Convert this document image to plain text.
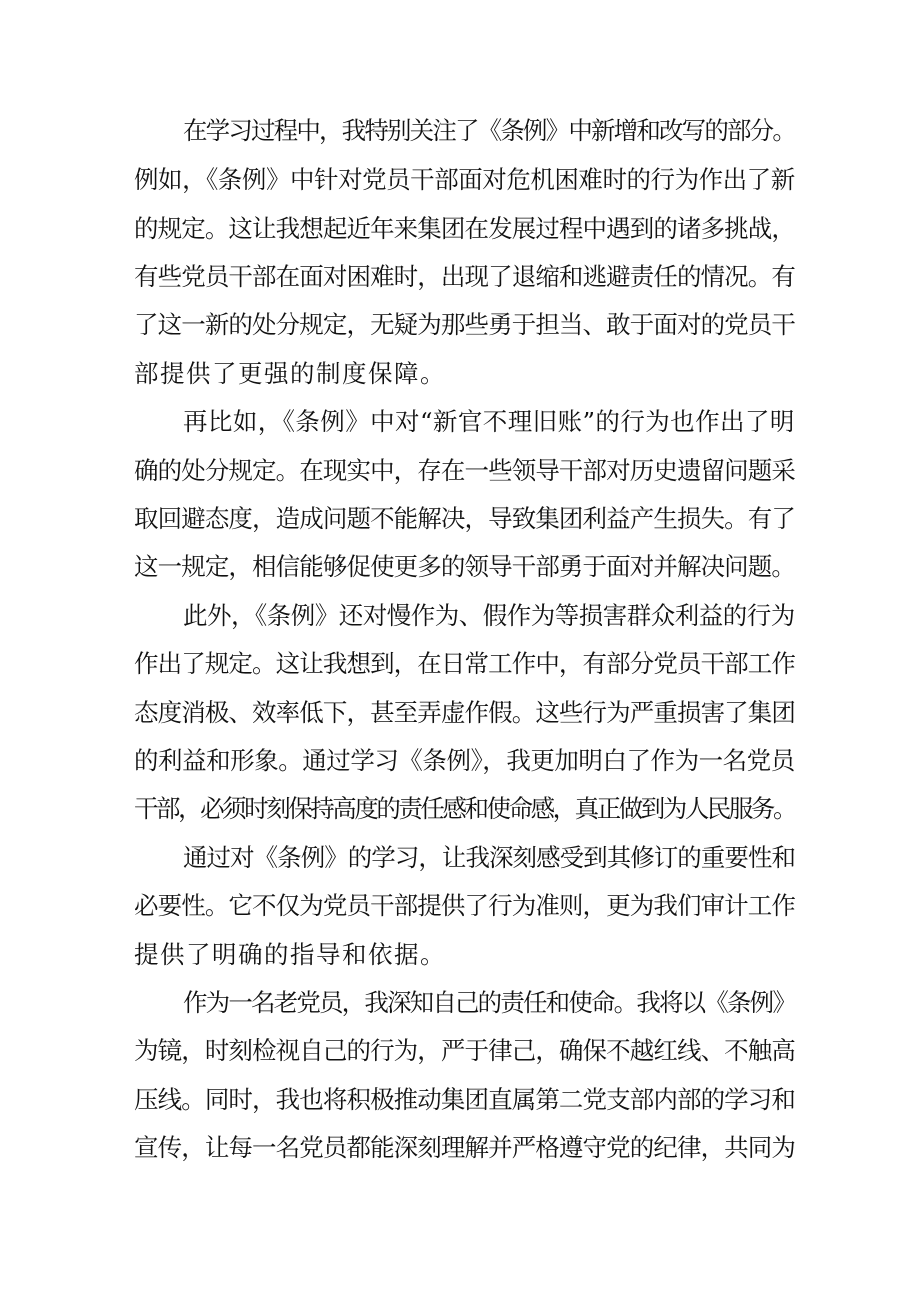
在学习过程中，我特别关注了《条例》中新增和改写的部分。
例如，《条例》中针对党员干部面对危机困难时的行为作出了新
的规定。这让我想起近年来集团在发展过程中遇到的诸多挑战，
有些党员干部在面对困难时，出现了退缩和逃避责任的情况。有
了这一新的处分规定，无疑为那些勇于担当、敢于面对的党员干
部提供了更强的制度保障。
再比如，《条例》中对“新官不理旧账”的行为也作出了明
确的处分规定。在现实中，存在一些领导干部对历史遗留问题采
取回避态度，造成问题不能解决，导致集团利益产生损失。有了
这一规定，相信能够促使更多的领导干部勇于面对并解决问题。
此外，《条例》还对慢作为、假作为等损害群众利益的行为
作出了规定。这让我想到，在日常工作中，有部分党员干部工作
态度消极、效率低下，甚至弄虚作假。这些行为严重损害了集团
的利益和形象。通过学习《条例》，我更加明白了作为一名党员
干部，必须时刻保持高度的责任感和使命感，真正做到为人民服务。
通过对《条例》的学习，让我深刻感受到其修订的重要性和
必要性。它不仅为党员干部提供了行为准则，更为我们审计工作
提供了明确的指导和依据。
作为一名老党员，我深知自己的责任和使命。我将以《条例》
为镜，时刻检视自己的行为，严于律己，确保不越红线、不触高
压线。同时，我也将积极推动集团直属第二党支部内部的学习和
宣传，让每一名党员都能深刻理解并严格遵守党的纪律，共同为
